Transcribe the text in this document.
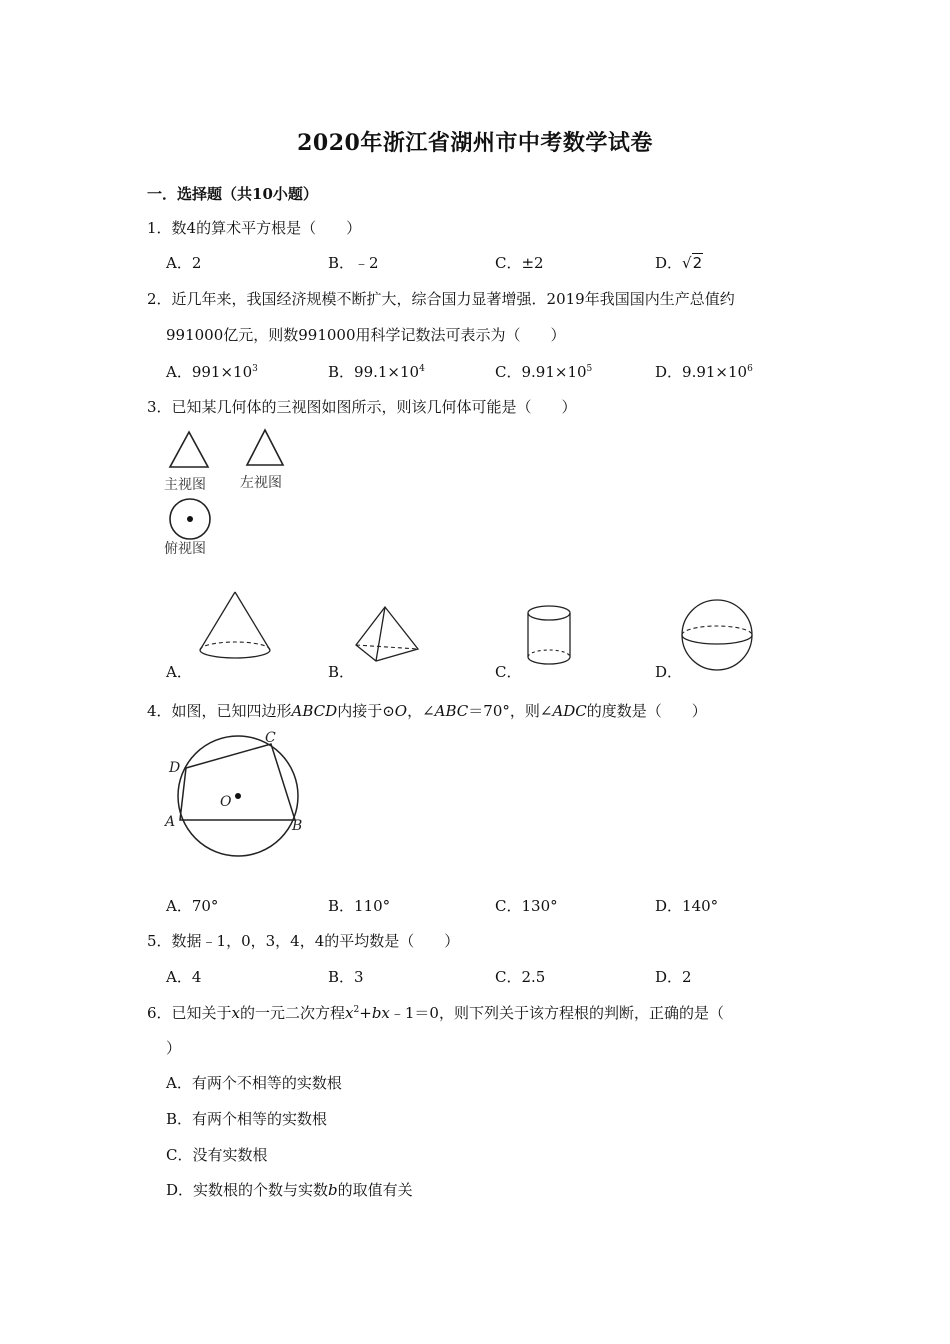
2020年浙江省湖州市中考数学试卷
一．选择题（共10小题）
1．数4的算术平方根是（　　）
A．2	B．﹣2	C．±2	D．√2
2．近几年来，我国经济规模不断扩大，综合国力显著增强．2019年我国国内生产总值约
991000亿元，则数991000用科学记数法可表示为（　　）
A．$991\times 10^3$	B．$99.1\times 10^4$	C．$9.91\times 10^5$	D．$9.91\times 10^6$
3．已知某几何体的三视图如图所示，则该几何体可能是（　　）
主视图 左视图
俯视图
A．	B．	C．	D．
4．如图，已知四边形ABCD内接于⊙O，∠ABC＝70°，则∠ADC的度数是（　　）
A	B
C
D
O
A．70°	B．110°	C．130°	D．140°
5．数据﹣1，0，3，4，4的平均数是（　　）
A．4	B．3	C．2.5	D．2
6．已知关于x的一元二次方程$x^2+bx﹣1=0$，则下列关于该方程根的判断，正确的是（
）
A．有两个不相等的实数根
B．有两个相等的实数根
C．没有实数根
D．实数根的个数与实数b的取值有关
